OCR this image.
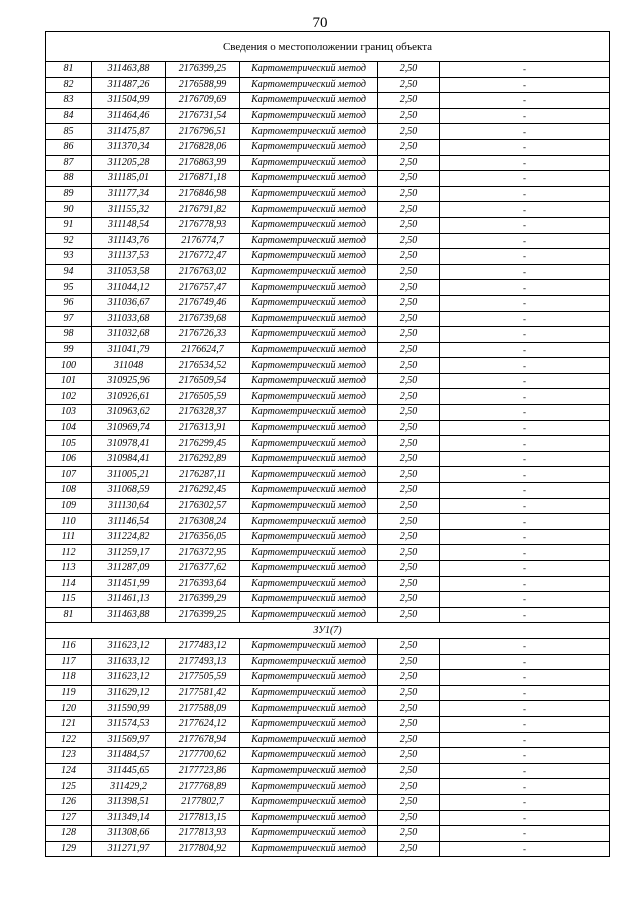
70
Сведения о местоположении границ объекта					
81	311463,88	2176399,25	Картометрический метод	2,50	-
82	311487,26	2176588,99	Картометрический метод	2,50	-
83	311504,99	2176709,69	Картометрический метод	2,50	-
84	311464,46	2176731,54	Картометрический метод	2,50	-
85	311475,87	2176796,51	Картометрический метод	2,50	-
86	311370,34	2176828,06	Картометрический метод	2,50	-
87	311205,28	2176863,99	Картометрический метод	2,50	-
88	311185,01	2176871,18	Картометрический метод	2,50	-
89	311177,34	2176846,98	Картометрический метод	2,50	-
90	311155,32	2176791,82	Картометрический метод	2,50	-
91	311148,54	2176778,93	Картометрический метод	2,50	-
92	311143,76	2176774,7	Картометрический метод	2,50	-
93	311137,53	2176772,47	Картометрический метод	2,50	-
94	311053,58	2176763,02	Картометрический метод	2,50	-
95	311044,12	2176757,47	Картометрический метод	2,50	-
96	311036,67	2176749,46	Картометрический метод	2,50	-
97	311033,68	2176739,68	Картометрический метод	2,50	-
98	311032,68	2176726,33	Картометрический метод	2,50	-
99	311041,79	2176624,7	Картометрический метод	2,50	-
100	311048	2176534,52	Картометрический метод	2,50	-
101	310925,96	2176509,54	Картометрический метод	2,50	-
102	310926,61	2176505,59	Картометрический метод	2,50	-
103	310963,62	2176328,37	Картометрический метод	2,50	-
104	310969,74	2176313,91	Картометрический метод	2,50	-
105	310978,41	2176299,45	Картометрический метод	2,50	-
106	310984,41	2176292,89	Картометрический метод	2,50	-
107	311005,21	2176287,11	Картометрический метод	2,50	-
108	311068,59	2176292,45	Картометрический метод	2,50	-
109	311130,64	2176302,57	Картометрический метод	2,50	-
110	311146,54	2176308,24	Картометрический метод	2,50	-
111	311224,82	2176356,05	Картометрический метод	2,50	-
112	311259,17	2176372,95	Картометрический метод	2,50	-
113	311287,09	2176377,62	Картометрический метод	2,50	-
114	311451,99	2176393,64	Картометрический метод	2,50	-
115	311461,13	2176399,29	Картометрический метод	2,50	-
81	311463,88	2176399,25	Картометрический метод	2,50	-
ЗУ1(7)					
116	311623,12	2177483,12	Картометрический метод	2,50	-
117	311633,12	2177493,13	Картометрический метод	2,50	-
118	311623,12	2177505,59	Картометрический метод	2,50	-
119	311629,12	2177581,42	Картометрический метод	2,50	-
120	311590,99	2177588,09	Картометрический метод	2,50	-
121	311574,53	2177624,12	Картометрический метод	2,50	-
122	311569,97	2177678,94	Картометрический метод	2,50	-
123	311484,57	2177700,62	Картометрический метод	2,50	-
124	311445,65	2177723,86	Картометрический метод	2,50	-
125	311429,2	2177768,89	Картометрический метод	2,50	-
126	311398,51	2177802,7	Картометрический метод	2,50	-
127	311349,14	2177813,15	Картометрический метод	2,50	-
128	311308,66	2177813,93	Картометрический метод	2,50	-
129	311271,97	2177804,92	Картометрический метод	2,50	-
